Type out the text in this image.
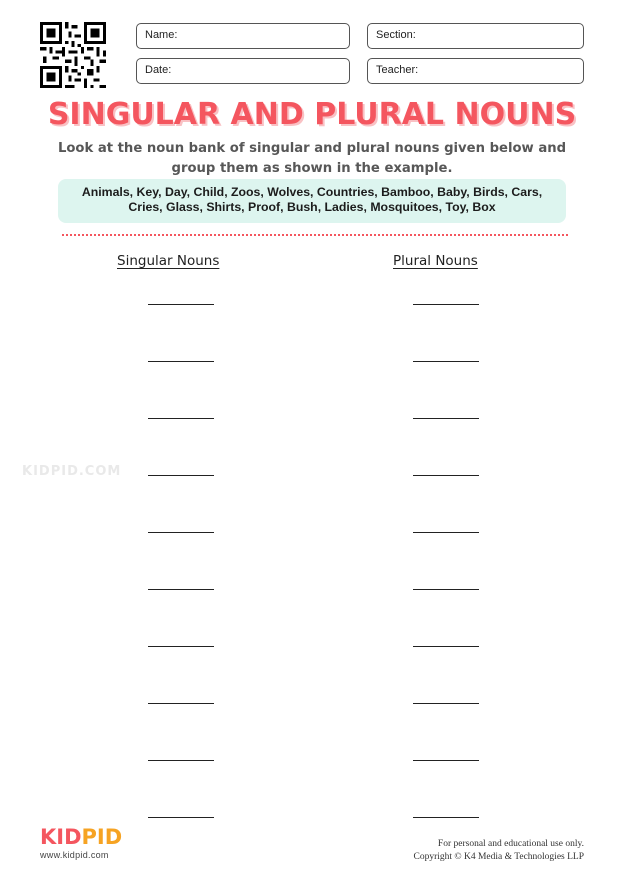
Name:	Section:
Date:	Teacher:
SINGULAR AND PLURAL NOUNS
Look at the noun bank of singular and plural nouns given below and group them as shown in the example.
Animals, Key, Day, Child, Zoos, Wolves, Countries, Bamboo, Baby, Birds, Cars, Cries, Glass, Shirts, Proof, Bush, Ladies, Mosquitoes, Toy, Box
Singular Nouns	Plural Nouns
KIDPID.COM
KIDPID
www.kidpid.com
For personal and educational use only.
Copyright © K4 Media & Technologies LLP
